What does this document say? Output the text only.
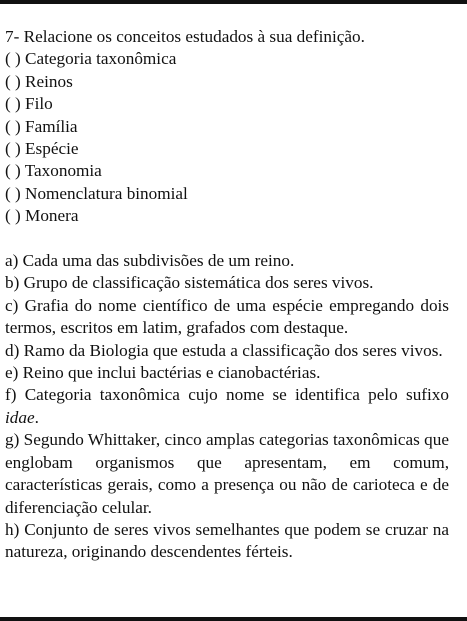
7- Relacione os conceitos estudados à sua definição.

( ) Categoria taxonômica

( ) Reinos

( ) Filo

( ) Família

( ) Espécie

( ) Taxonomia

( ) Nomenclatura binomial

( ) Monera

a) Cada uma das subdivisões de um reino.

b) Grupo de classificação sistemática dos seres vivos.

c) Grafia do nome científico de uma espécie empregando dois termos, escritos em latim, grafados com destaque.

d) Ramo da Biologia que estuda a classificação dos seres vivos.

e) Reino que inclui bactérias e cianobactérias.

f) Categoria taxonômica cujo nome se identifica pelo sufixo idae.

g) Segundo Whittaker, cinco amplas categorias taxonômicas que englobam organismos que apresentam, em comum, características gerais, como a presença ou não de carioteca e de diferenciação celular.

h) Conjunto de seres vivos semelhantes que podem se cruzar na natureza, originando descendentes férteis.
